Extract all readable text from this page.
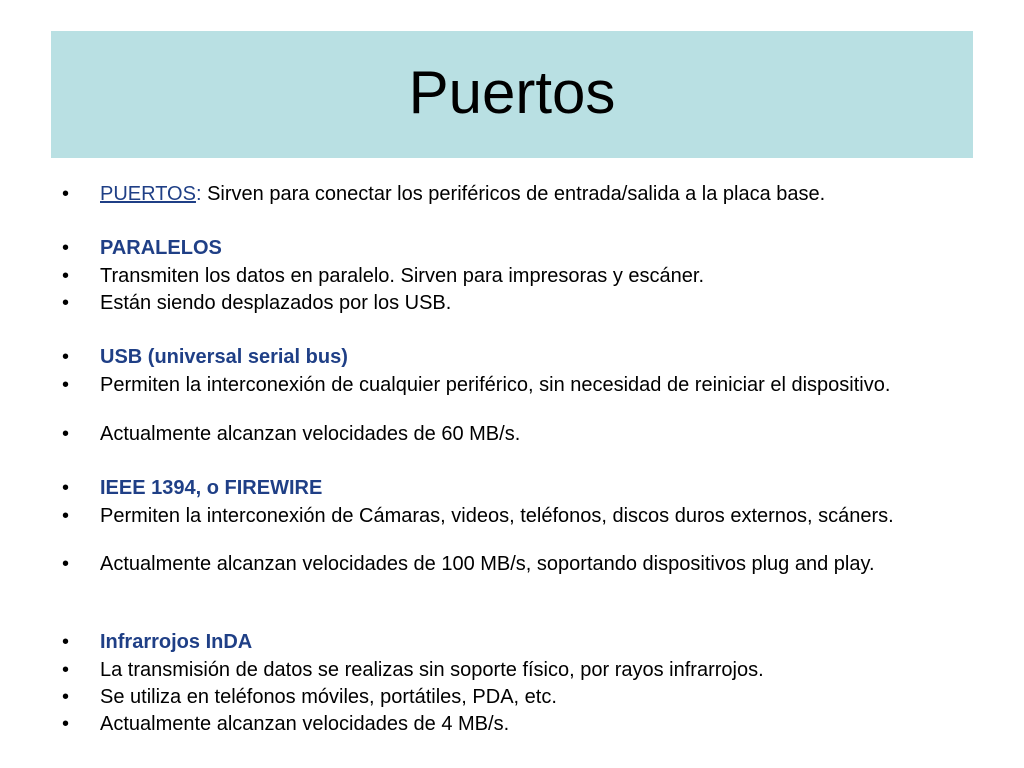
Puertos
•	PUERTOS: Sirven para conectar los periféricos de entrada/salida a la placa base.
•	PARALELOS
•	Transmiten los datos en paralelo. Sirven para impresoras y escáner.
•	Están siendo desplazados por los USB.
•	USB (universal serial bus)
•	Permiten la interconexión de cualquier periférico, sin necesidad de reiniciar el dispositivo.
•	Actualmente alcanzan velocidades de 60 MB/s.
•	IEEE 1394, o FIREWIRE
•	Permiten la interconexión de Cámaras, videos, teléfonos, discos duros externos, scáners.
•	Actualmente alcanzan velocidades de 100 MB/s, soportando dispositivos plug and play.
•	Infrarrojos InDA
•	La transmisión de datos se realizas sin soporte físico, por rayos infrarrojos.
•	Se utiliza en teléfonos móviles, portátiles, PDA, etc.
•	Actualmente alcanzan velocidades de 4 MB/s.
